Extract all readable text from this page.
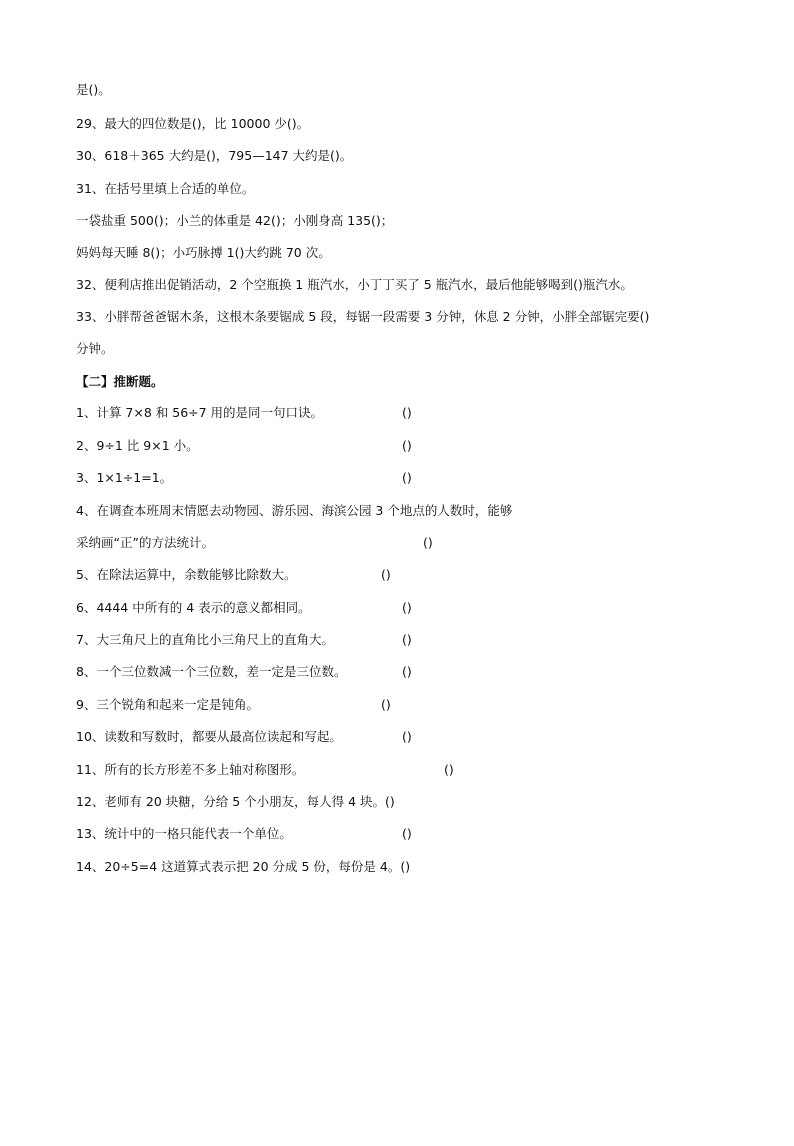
是()。
29、最大的四位数是()，比 10000 少()。
30、618＋365 大约是()，795—147 大约是()。
31、在括号里填上合适的单位。
一袋盐重 500()；小兰的体重是 42()；小刚身高 135()；
妈妈每天睡 8()；小巧脉搏 1()大约跳 70 次。
32、便利店推出促销活动，2 个空瓶换 1 瓶汽水，小丁丁买了 5 瓶汽水，最后他能够喝到()瓶汽水。
33、小胖帮爸爸锯木条，这根木条要锯成 5 段，每锯一段需要 3 分钟，休息 2 分钟，小胖全部锯完要()
分钟。
【二】推断题。
1、计算 7×8 和 56÷7 用的是同一句口诀。	()
2、9÷1 比 9×1 小。	()
3、1×1÷1=1。	()
4、在调查本班周末情愿去动物园、游乐园、海滨公园 3 个地点的人数时，能够
采纳画“正”的方法统计。	()
5、在除法运算中，余数能够比除数大。	()
6、4444 中所有的 4 表示的意义都相同。	()
7、大三角尺上的直角比小三角尺上的直角大。	()
8、一个三位数减一个三位数，差一定是三位数。	()
9、三个锐角和起来一定是钝角。	()
10、读数和写数时，都要从最高位读起和写起。	()
11、所有的长方形差不多上轴对称图形。	()
12、老师有 20 块糖，分给 5 个小朋友，每人得 4 块。()
13、统计中的一格只能代表一个单位。	()
14、20÷5=4 这道算式表示把 20 分成 5 份，每份是 4。()
